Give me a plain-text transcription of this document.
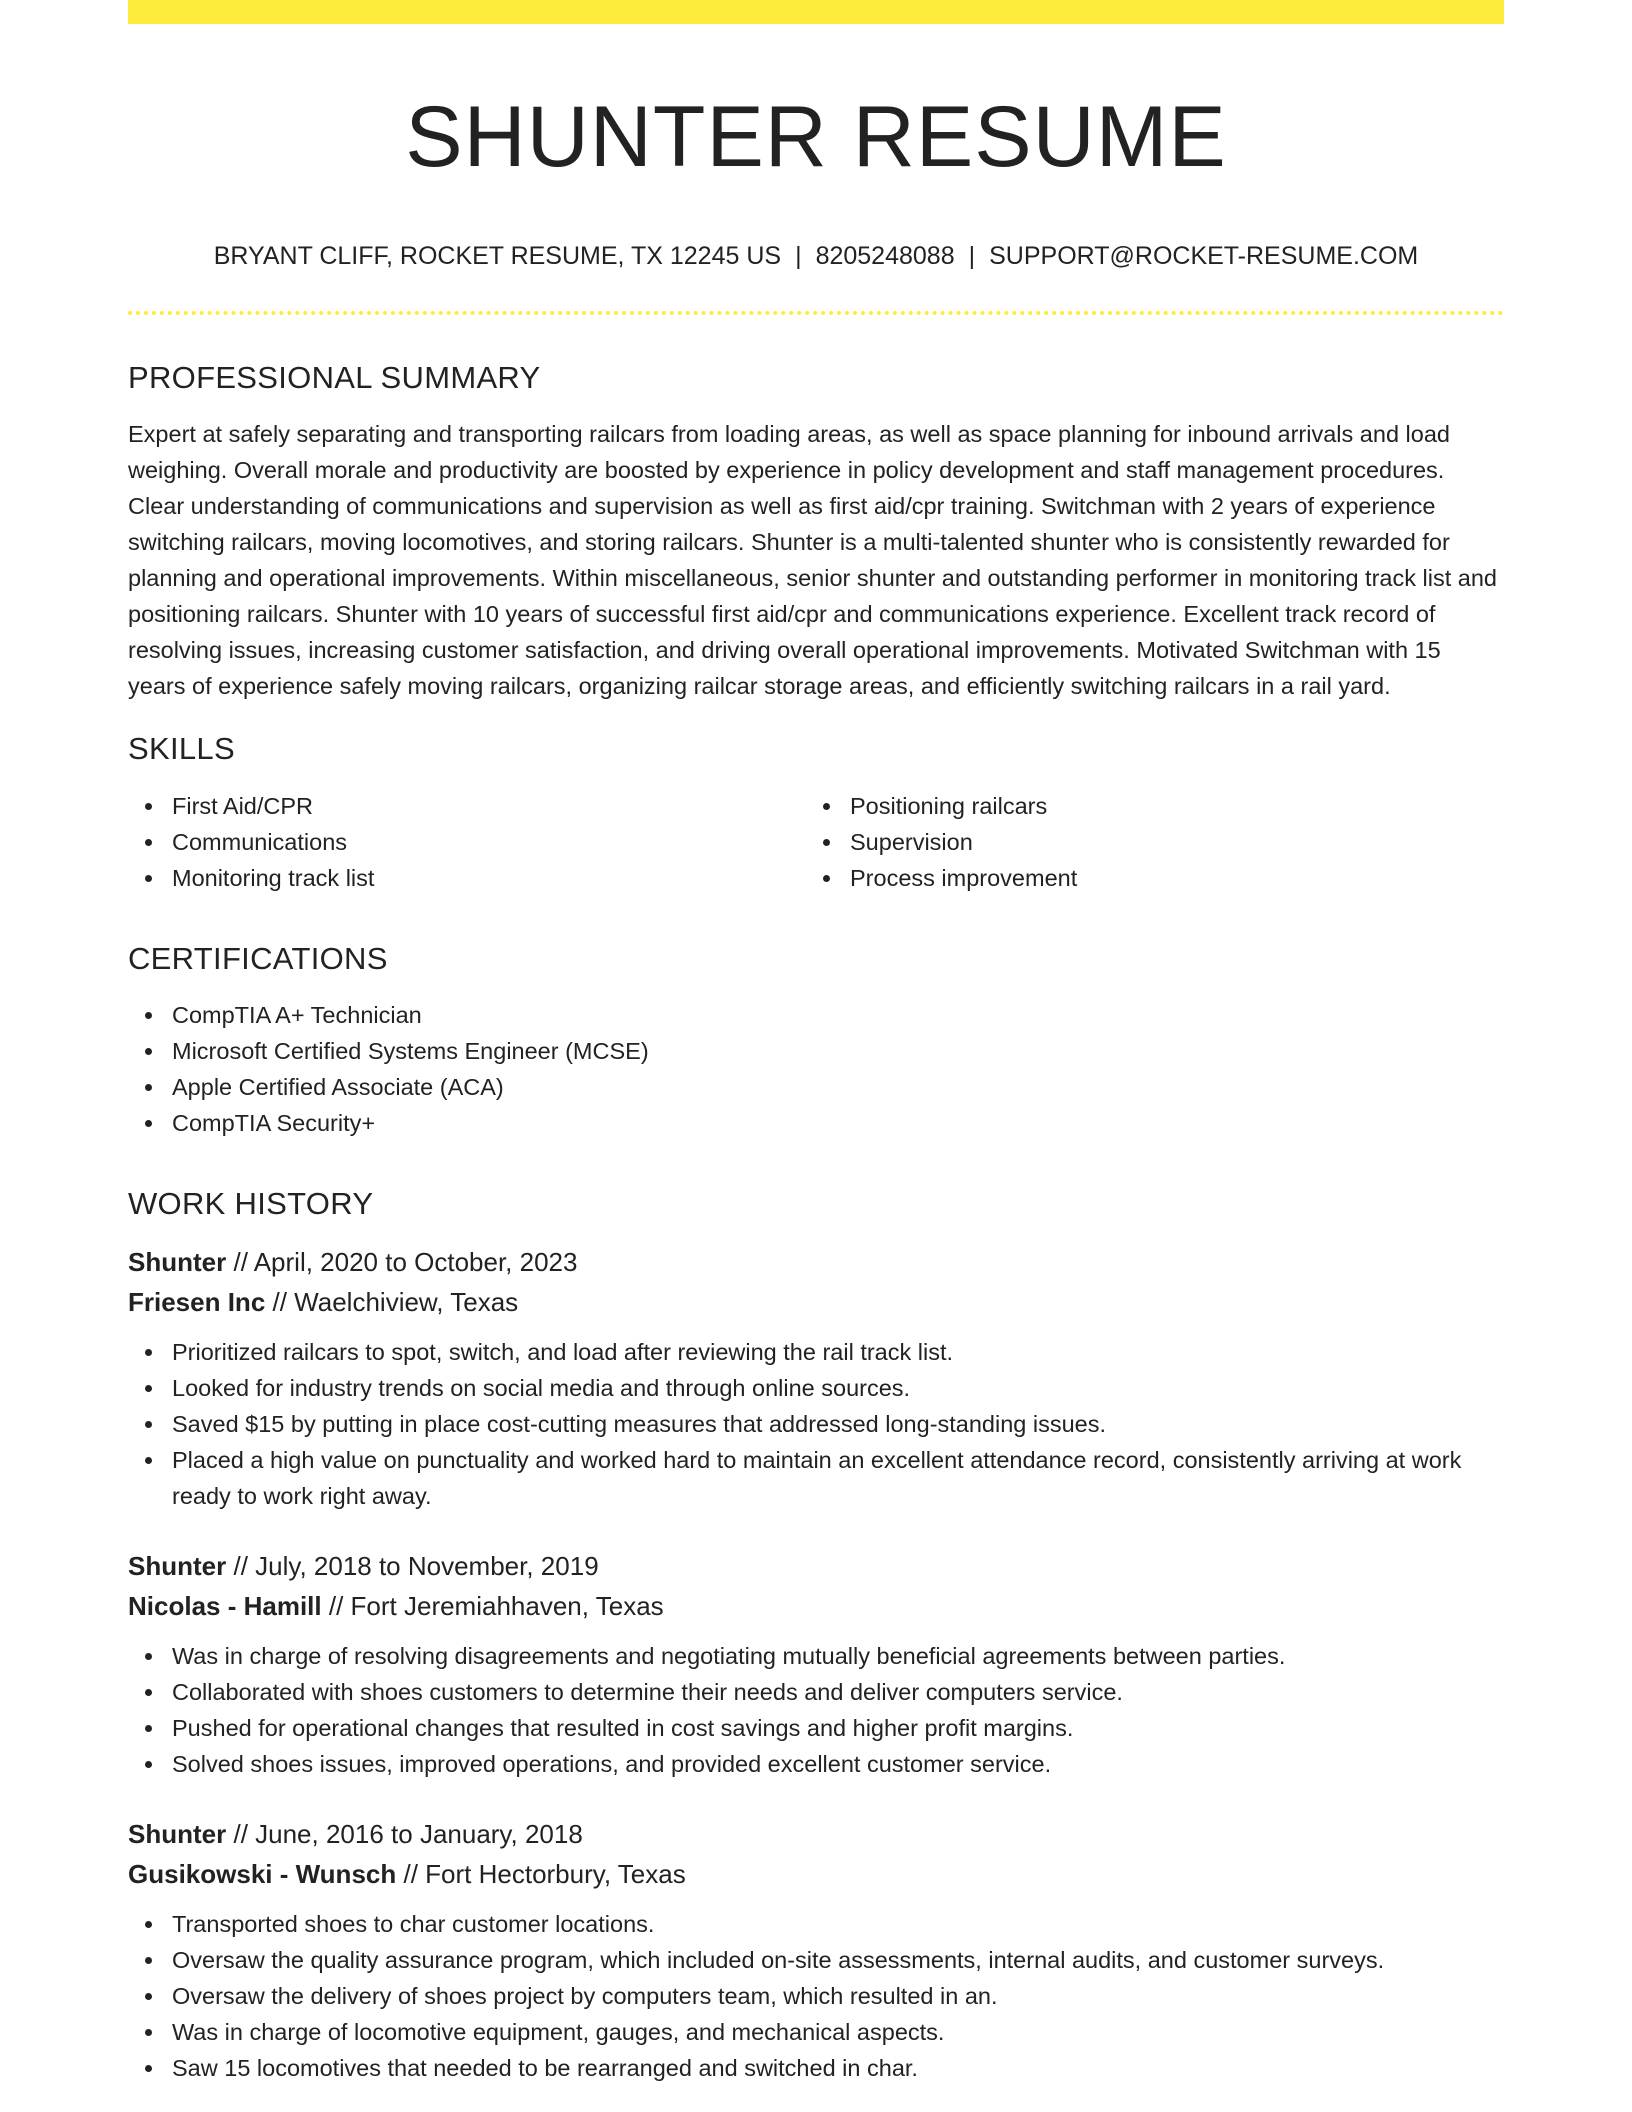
SHUNTER RESUME
BRYANT CLIFF, ROCKET RESUME, TX 12245 US | 8205248088 | SUPPORT@ROCKET-RESUME.COM
PROFESSIONAL SUMMARY

Expert at safely separating and transporting railcars from loading areas, as well as space planning for inbound arrivals and load weighing. Overall morale and productivity are boosted by experience in policy development and staff management procedures. Clear understanding of communications and supervision as well as first aid/cpr training. Switchman with 2 years of experience switching railcars, moving locomotives, and storing railcars. Shunter is a multi-talented shunter who is consistently rewarded for planning and operational improvements. Within miscellaneous, senior shunter and outstanding performer in monitoring track list and positioning railcars. Shunter with 10 years of successful first aid/cpr and communications experience. Excellent track record of resolving issues, increasing customer satisfaction, and driving overall operational improvements. Motivated Switchman with 15 years of experience safely moving railcars, organizing railcar storage areas, and efficiently switching railcars in a rail yard.

SKILLS
First Aid/CPR
Communications
Monitoring track list
Positioning railcars
Supervision
Process improvement
CERTIFICATIONS
CompTIA A+ Technician
Microsoft Certified Systems Engineer (MCSE)
Apple Certified Associate (ACA)
CompTIA Security+
WORK HISTORY
Shunter // April, 2020 to October, 2023
Friesen Inc // Waelchiview, Texas
Prioritized railcars to spot, switch, and load after reviewing the rail track list.
Looked for industry trends on social media and through online sources.
Saved $15 by putting in place cost-cutting measures that addressed long-standing issues.
Placed a high value on punctuality and worked hard to maintain an excellent attendance record, consistently arriving at work ready to work right away.
Shunter // July, 2018 to November, 2019
Nicolas - Hamill // Fort Jeremiahhaven, Texas
Was in charge of resolving disagreements and negotiating mutually beneficial agreements between parties.
Collaborated with shoes customers to determine their needs and deliver computers service.
Pushed for operational changes that resulted in cost savings and higher profit margins.
Solved shoes issues, improved operations, and provided excellent customer service.
Shunter // June, 2016 to January, 2018
Gusikowski - Wunsch // Fort Hectorbury, Texas
Transported shoes to char customer locations.
Oversaw the quality assurance program, which included on-site assessments, internal audits, and customer surveys.
Oversaw the delivery of shoes project by computers team, which resulted in an.
Was in charge of locomotive equipment, gauges, and mechanical aspects.
Saw 15 locomotives that needed to be rearranged and switched in char.
